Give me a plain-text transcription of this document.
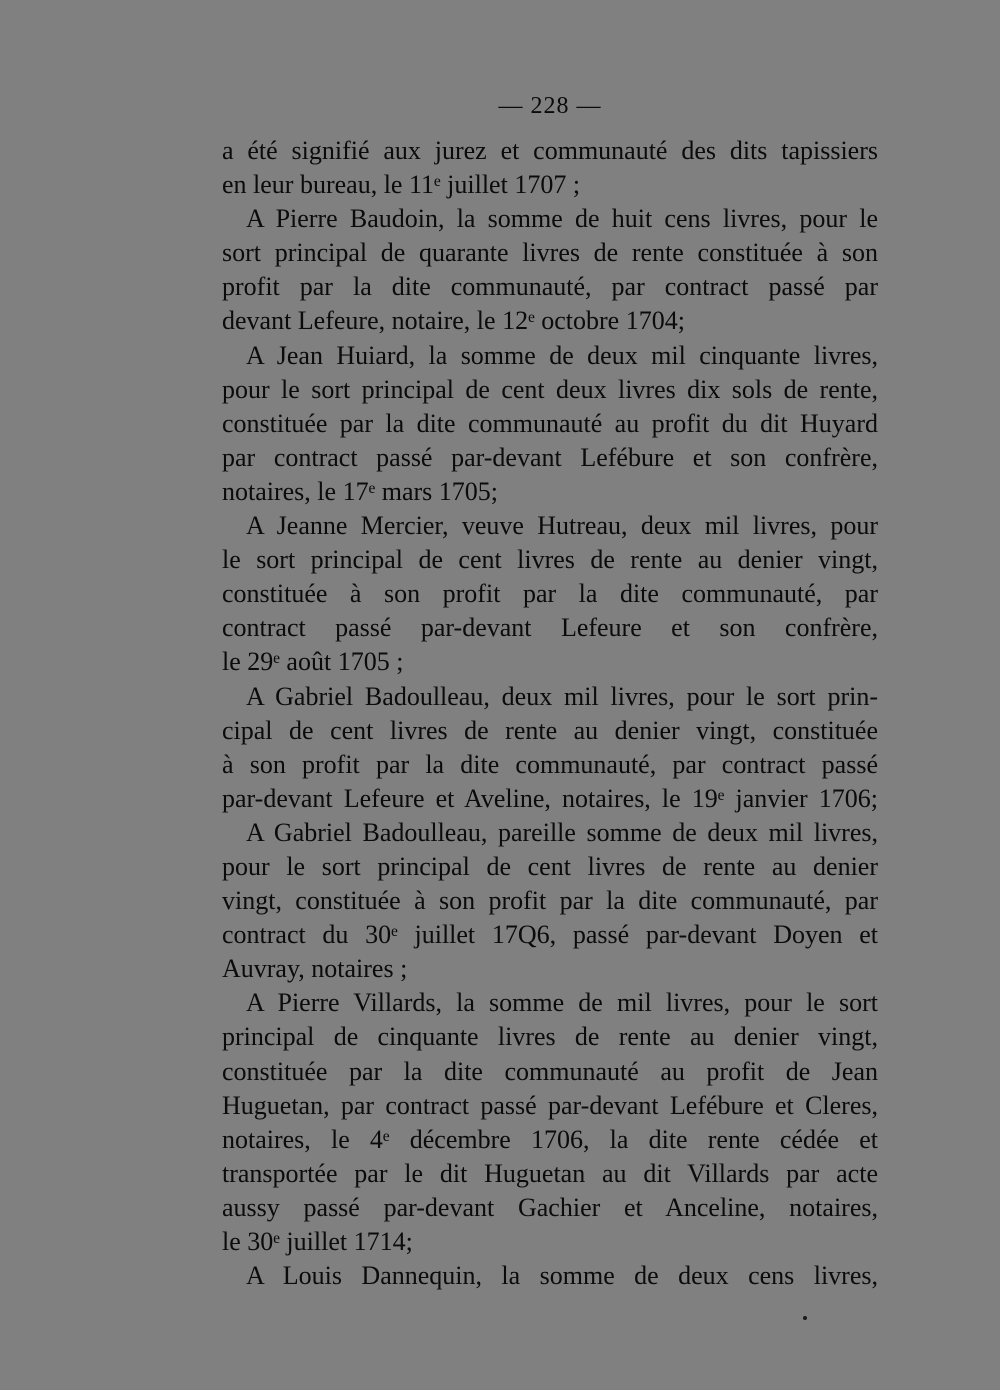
— 228 —
a été signifié aux jurez et communauté des dits tapissiers
en leur bureau, le 11ᵉ juillet 1707 ;
A Pierre Baudoin, la somme de huit cens livres, pour le
sort principal de quarante livres de rente constituée à son
profit par la dite communauté, par contract passé par
devant Lefeure, notaire, le 12ᵉ octobre 1704;
A Jean Huiard, la somme de deux mil cinquante livres,
pour le sort principal de cent deux livres dix sols de rente,
constituée par la dite communauté au profit du dit Huyard
par contract passé par-devant Lefébure et son confrère,
notaires, le 17ᵉ mars 1705;
A Jeanne Mercier, veuve Hutreau, deux mil livres, pour
le sort principal de cent livres de rente au denier vingt,
constituée à son profit par la dite communauté, par
contract passé par-devant Lefeure et son confrère,
le 29ᵉ août 1705 ;
A Gabriel Badoulleau, deux mil livres, pour le sort prin-
cipal de cent livres de rente au denier vingt, constituée
à son profit par la dite communauté, par contract passé
par-devant Lefeure et Aveline, notaires, le 19ᵉ janvier 1706;
A Gabriel Badoulleau, pareille somme de deux mil livres,
pour le sort principal de cent livres de rente au denier
vingt, constituée à son profit par la dite communauté, par
contract du 30ᵉ juillet 17Q6, passé par-devant Doyen et
Auvray, notaires ;
A Pierre Villards, la somme de mil livres, pour le sort
principal de cinquante livres de rente au denier vingt,
constituée par la dite communauté au profit de Jean
Huguetan, par contract passé par-devant Lefébure et Cleres,
notaires, le 4ᵉ décembre 1706, la dite rente cédée et
transportée par le dit Huguetan au dit Villards par acte
aussy passé par-devant Gachier et Anceline, notaires,
le 30ᵉ juillet 1714;
A Louis Dannequin, la somme de deux cens livres,
